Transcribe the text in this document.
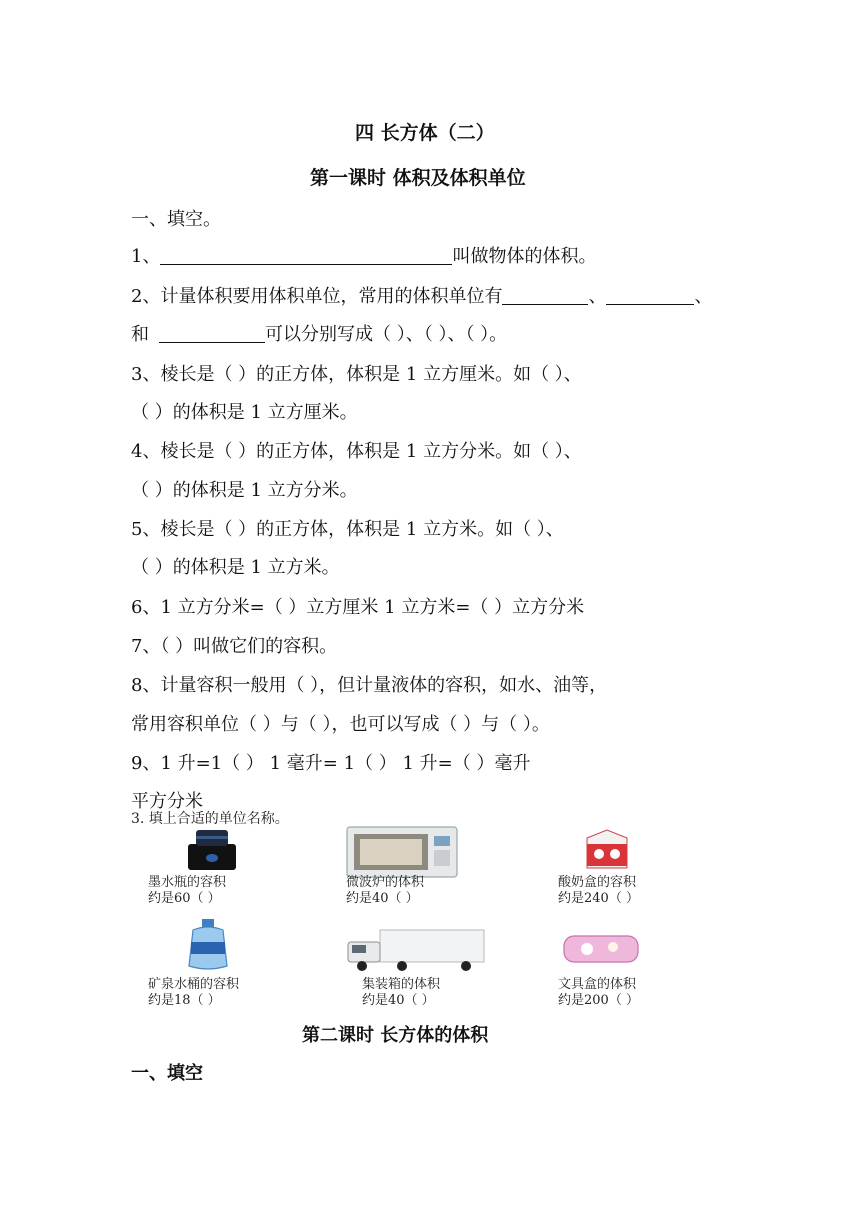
四 长方体（二）
第一课时 体积及体积单位
一、填空。
1、	叫做物体的体积。
2、计量体积要用体积单位，常用的体积单位有	、	、
和	可以分别写成（ ）、（ ）、（ ）。
3、棱长是（ ）的正方体，体积是 1 立方厘米。如（ ）、
（ ）的体积是 1 立方厘米。
4、棱长是（ ）的正方体，体积是 1 立方分米。如（ ）、
（ ）的体积是 1 立方分米。
5、棱长是（ ）的正方体，体积是 1 立方米。如（ ）、
（ ）的体积是 1 立方米。
6、1 立方分米=（ ）立方厘米 1 立方米=（ ）立方分米
7、（ ）叫做它们的容积。
8、计量容积一般用（ ），但计量液体的容积，如水、油等，
常用容积单位（ ）与（ ），也可以写成（ ）与（ ）。
9、1 升=1（ ） 1 毫升= 1（ ） 1 升=（ ）毫升
平方分米
3. 填上合适的单位名称。
墨水瓶的容积
约是60（ ）
微波炉的体积
约是40（ ）
酸奶盒的容积
约是240（ ）
矿泉水桶的容积
约是18（ ）
集装箱的体积
约是40（ ）
文具盒的体积
约是200（ ）
第二课时 长方体的体积
一、填空
